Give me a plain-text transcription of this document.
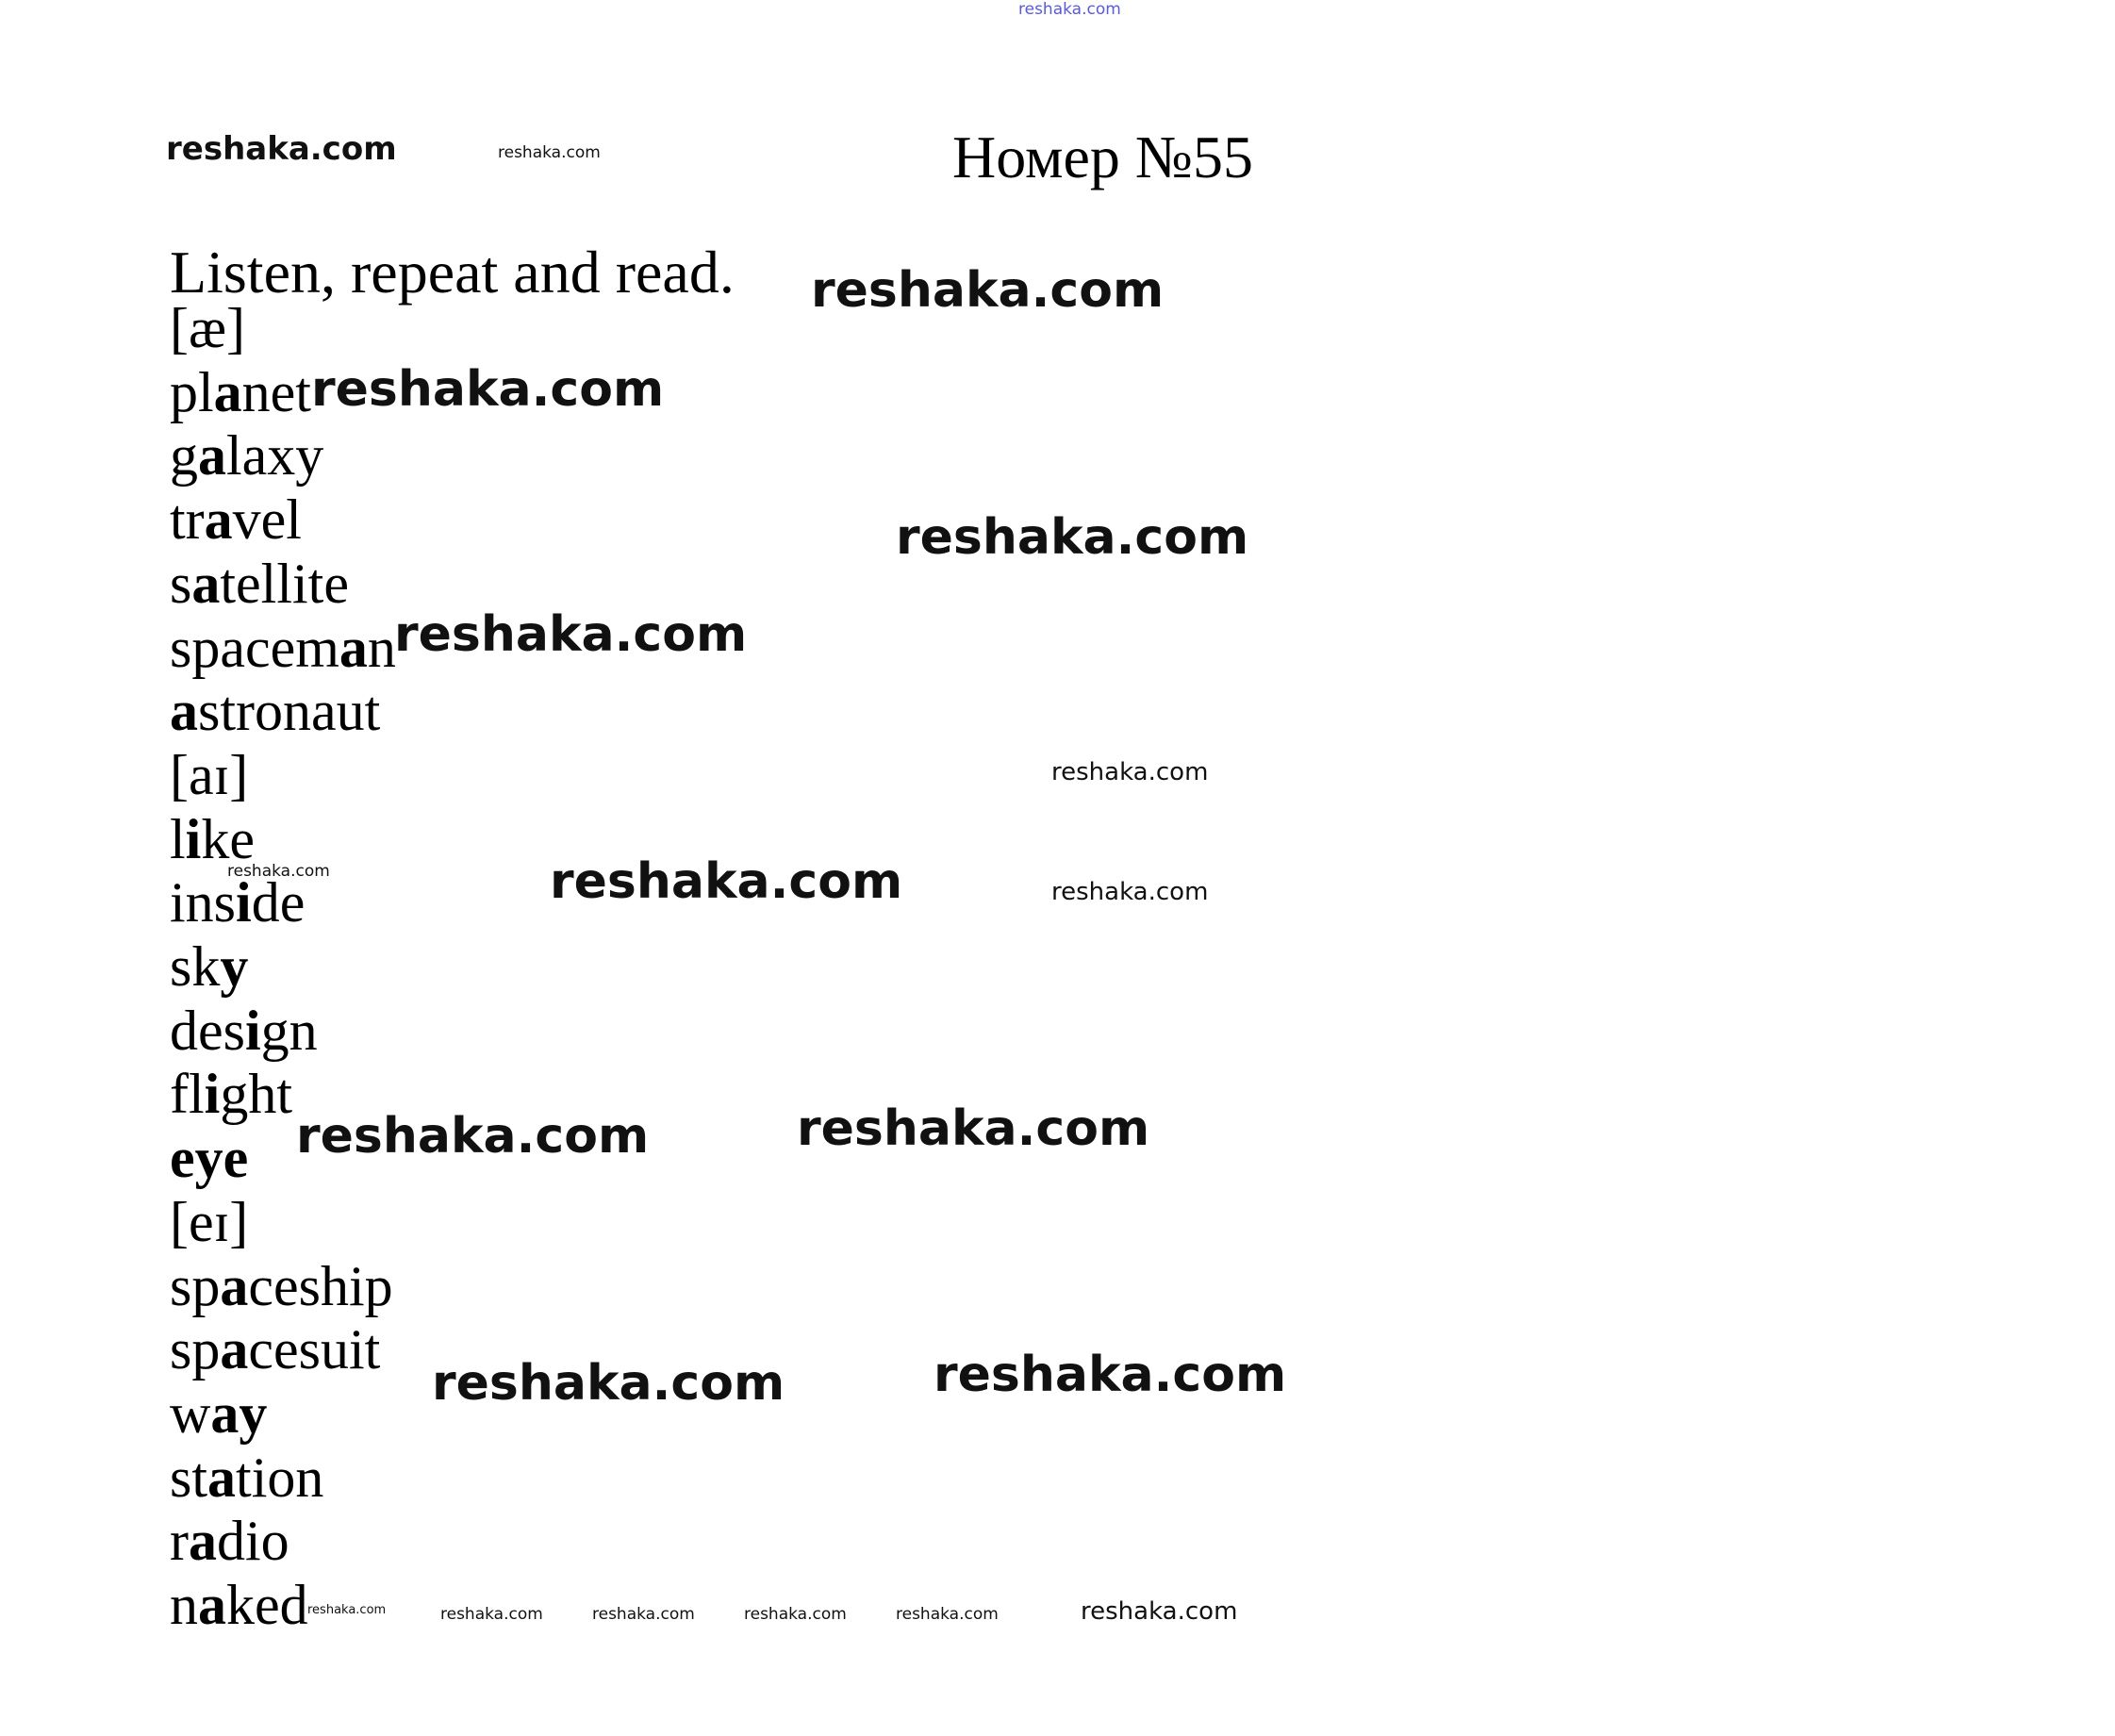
reshaka.com
reshaka.com	reshaka.com
reshaka.com
reshaka.com
reshaka.com
reshaka.com
reshaka.com
reshaka.com	reshaka.com	reshaka.com
reshaka.com	reshaka.com
reshaka.com	reshaka.com
reshaka.com	reshaka.com	reshaka.com	reshaka.com	reshaka.com	reshaka.com
Номер №55
Listen, repeat and read.
[æ]
planet
galaxy
travel
satellite
spaceman
astronaut
[aɪ]
like
inside
sky
design
flight
eye
[eɪ]
spaceship
spacesuit
way
station
radio
naked
